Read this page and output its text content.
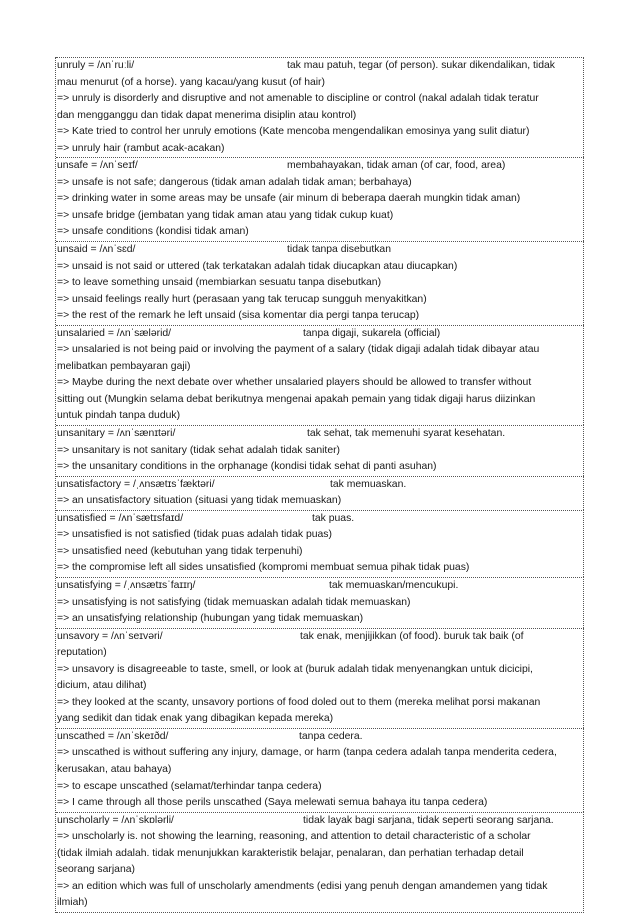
unruly = /ʌnˈruːli/	tak mau patuh, tegar (of person). sukar dikendalikan, tidak
mau menurut (of a horse). yang kacau/yang kusut (of hair)
=> unruly is disorderly and disruptive and not amenable to discipline or control (nakal adalah tidak teratur
dan mengganggu dan tidak dapat menerima disiplin atau kontrol)
=> Kate tried to control her unruly emotions (Kate mencoba mengendalikan emosinya yang sulit diatur)
=> unruly hair (rambut acak-acakan)
unsafe = /ʌnˈseɪf/	membahayakan, tidak aman (of car, food, area)
=> unsafe is not safe; dangerous (tidak aman adalah tidak aman; berbahaya)
=> drinking water in some areas may be unsafe (air minum di beberapa daerah mungkin tidak aman)
=> unsafe bridge (jembatan yang tidak aman atau yang tidak cukup kuat)
=> unsafe conditions (kondisi tidak aman)
unsaid = /ʌnˈsɛd/	tidak tanpa disebutkan
=> unsaid is not said or uttered (tak terkatakan adalah tidak diucapkan atau diucapkan)
=> to leave something unsaid (membiarkan sesuatu tanpa disebutkan)
=> unsaid feelings really hurt (perasaan yang tak terucap sungguh menyakitkan)
=> the rest of the remark he left unsaid (sisa komentar dia pergi tanpa terucap)
unsalaried = /ʌnˈsælərid/	tanpa digaji, sukarela (official)
=> unsalaried is not being paid or involving the payment of a salary (tidak digaji adalah tidak dibayar atau
melibatkan pembayaran gaji)
=> Maybe during the next debate over whether unsalaried players should be allowed to transfer without
sitting out (Mungkin selama debat berikutnya mengenai apakah pemain yang tidak digaji harus diizinkan
untuk pindah tanpa duduk)
unsanitary = /ʌnˈsænɪtəri/	tak sehat, tak memenuhi syarat kesehatan.
=> unsanitary is not sanitary (tidak sehat adalah tidak saniter)
=> the unsanitary conditions in the orphanage (kondisi tidak sehat di panti asuhan)
unsatisfactory = /ˌʌnsætɪsˈfæktəri/	tak memuaskan.
=> an unsatisfactory situation (situasi yang tidak memuaskan)
unsatisfied = /ʌnˈsætɪsfaɪd/	tak puas.
=> unsatisfied is not satisfied (tidak puas adalah tidak puas)
=> unsatisfied need (kebutuhan yang tidak terpenuhi)
=> the compromise left all sides unsatisfied (kompromi membuat semua pihak tidak puas)
unsatisfying = /ˌʌnsætɪsˈfaɪɪŋ/	tak memuaskan/mencukupi.
=> unsatisfying is not satisfying (tidak memuaskan adalah tidak memuaskan)
=> an unsatisfying relationship (hubungan yang tidak memuaskan)
unsavory = /ʌnˈseɪvəri/	tak enak, menjijikkan (of food). buruk tak baik (of
reputation)
=> unsavory is disagreeable to taste, smell, or look at (buruk adalah tidak menyenangkan untuk dicicipi,
dicium, atau dilihat)
=> they looked at the scanty, unsavory portions of food doled out to them (mereka melihat porsi makanan
yang sedikit dan tidak enak yang dibagikan kepada mereka)
unscathed = /ʌnˈskeɪðd/	tanpa cedera.
=> unscathed is without suffering any injury, damage, or harm (tanpa cedera adalah tanpa menderita cedera,
kerusakan, atau bahaya)
=> to escape unscathed (selamat/terhindar tanpa cedera)
=> I came through all those perils unscathed (Saya melewati semua bahaya itu tanpa cedera)
unscholarly = /ʌnˈskɒlərli/	tidak layak bagi sarjana, tidak seperti seorang sarjana.
=> unscholarly is. not showing the learning, reasoning, and attention to detail characteristic of a scholar
(tidak ilmiah adalah. tidak menunjukkan karakteristik belajar, penalaran, dan perhatian terhadap detail
seorang sarjana)
=> an edition which was full of unscholarly amendments (edisi yang penuh dengan amandemen yang tidak
ilmiah)
